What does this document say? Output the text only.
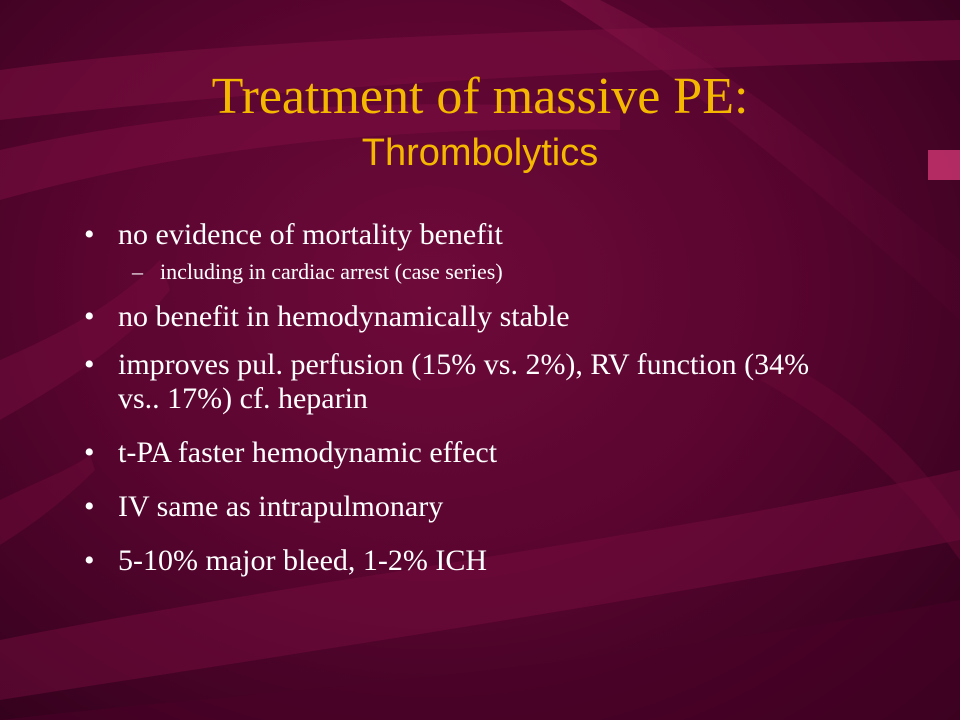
Treatment of massive PE:
Thrombolytics
• no evidence of mortality benefit
– including in cardiac arrest (case series)
• no benefit in hemodynamically stable
• improves pul. perfusion (15% vs. 2%), RV function (34% vs.. 17%) cf. heparin
• t-PA faster hemodynamic effect
• IV same as intrapulmonary
• 5-10% major bleed, 1-2% ICH
